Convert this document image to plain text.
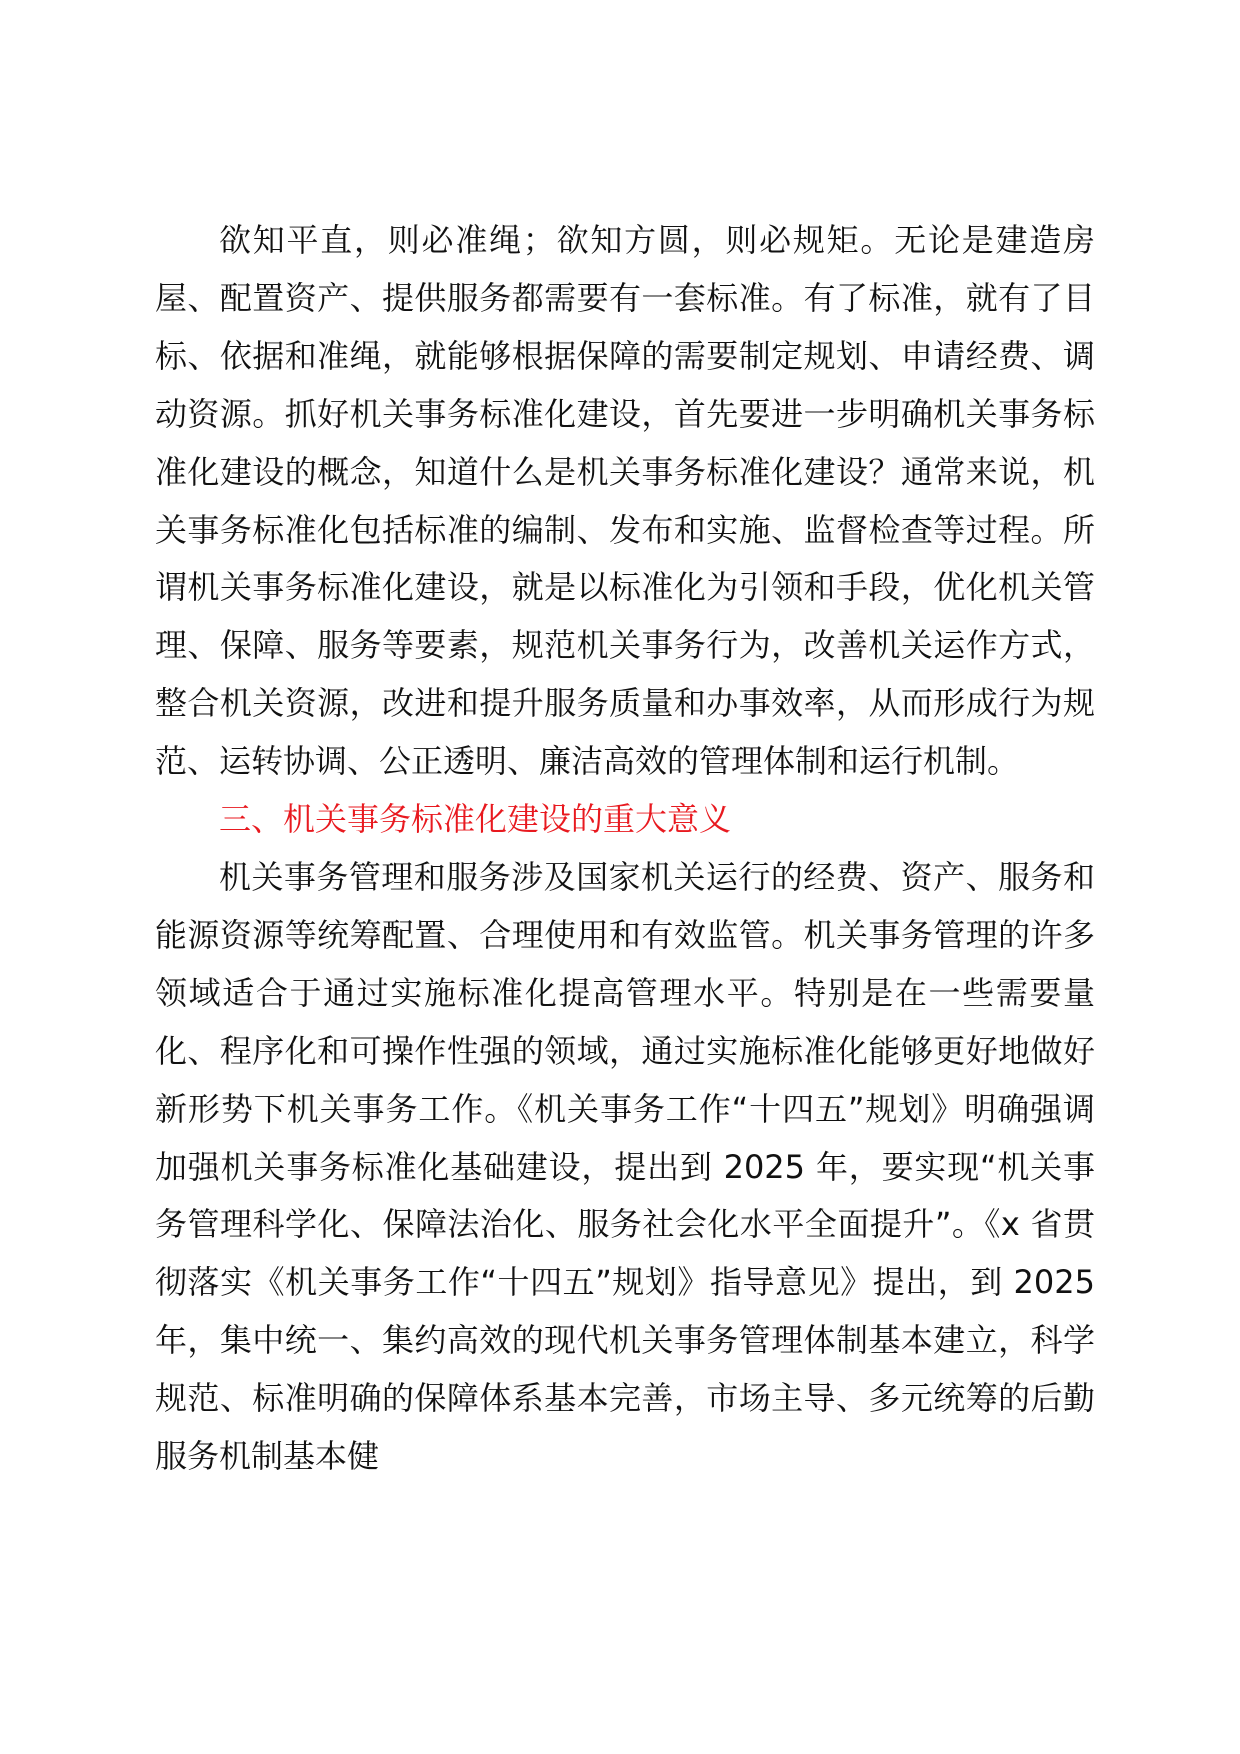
欲知平直，则必准绳；欲知方圆，则必规矩。无论是建造房屋、配置资产、提供服务都需要有一套标准。有了标准，就有了目标、依据和准绳，就能够根据保障的需要制定规划、申请经费、调动资源。抓好机关事务标准化建设，首先要进一步明确机关事务标准化建设的概念，知道什么是机关事务标准化建设？通常来说，机关事务标准化包括标准的编制、发布和实施、监督检查等过程。所谓机关事务标准化建设，就是以标准化为引领和手段，优化机关管理、保障、服务等要素，规范机关事务行为，改善机关运作方式，整合机关资源，改进和提升服务质量和办事效率，从而形成行为规范、运转协调、公正透明、廉洁高效的管理体制和运行机制。

三、机关事务标准化建设的重大意义

机关事务管理和服务涉及国家机关运行的经费、资产、服务和能源资源等统筹配置、合理使用和有效监管。机关事务管理的许多领域适合于通过实施标准化提高管理水平。特别是在一些需要量化、程序化和可操作性强的领域，通过实施标准化能够更好地做好新形势下机关事务工作。《机关事务工作“十四五”规划》明确强调加强机关事务标准化基础建设，提出到 2025 年，要实现“机关事务管理科学化、保障法治化、服务社会化水平全面提升”。《x 省贯彻落实《机关事务工作“十四五”规划》指导意见》提出，到 2025 年，集中统一、集约高效的现代机关事务管理体制基本建立，科学规范、标准明确的保障体系基本完善，市场主导、多元统筹的后勤服务机制基本健
